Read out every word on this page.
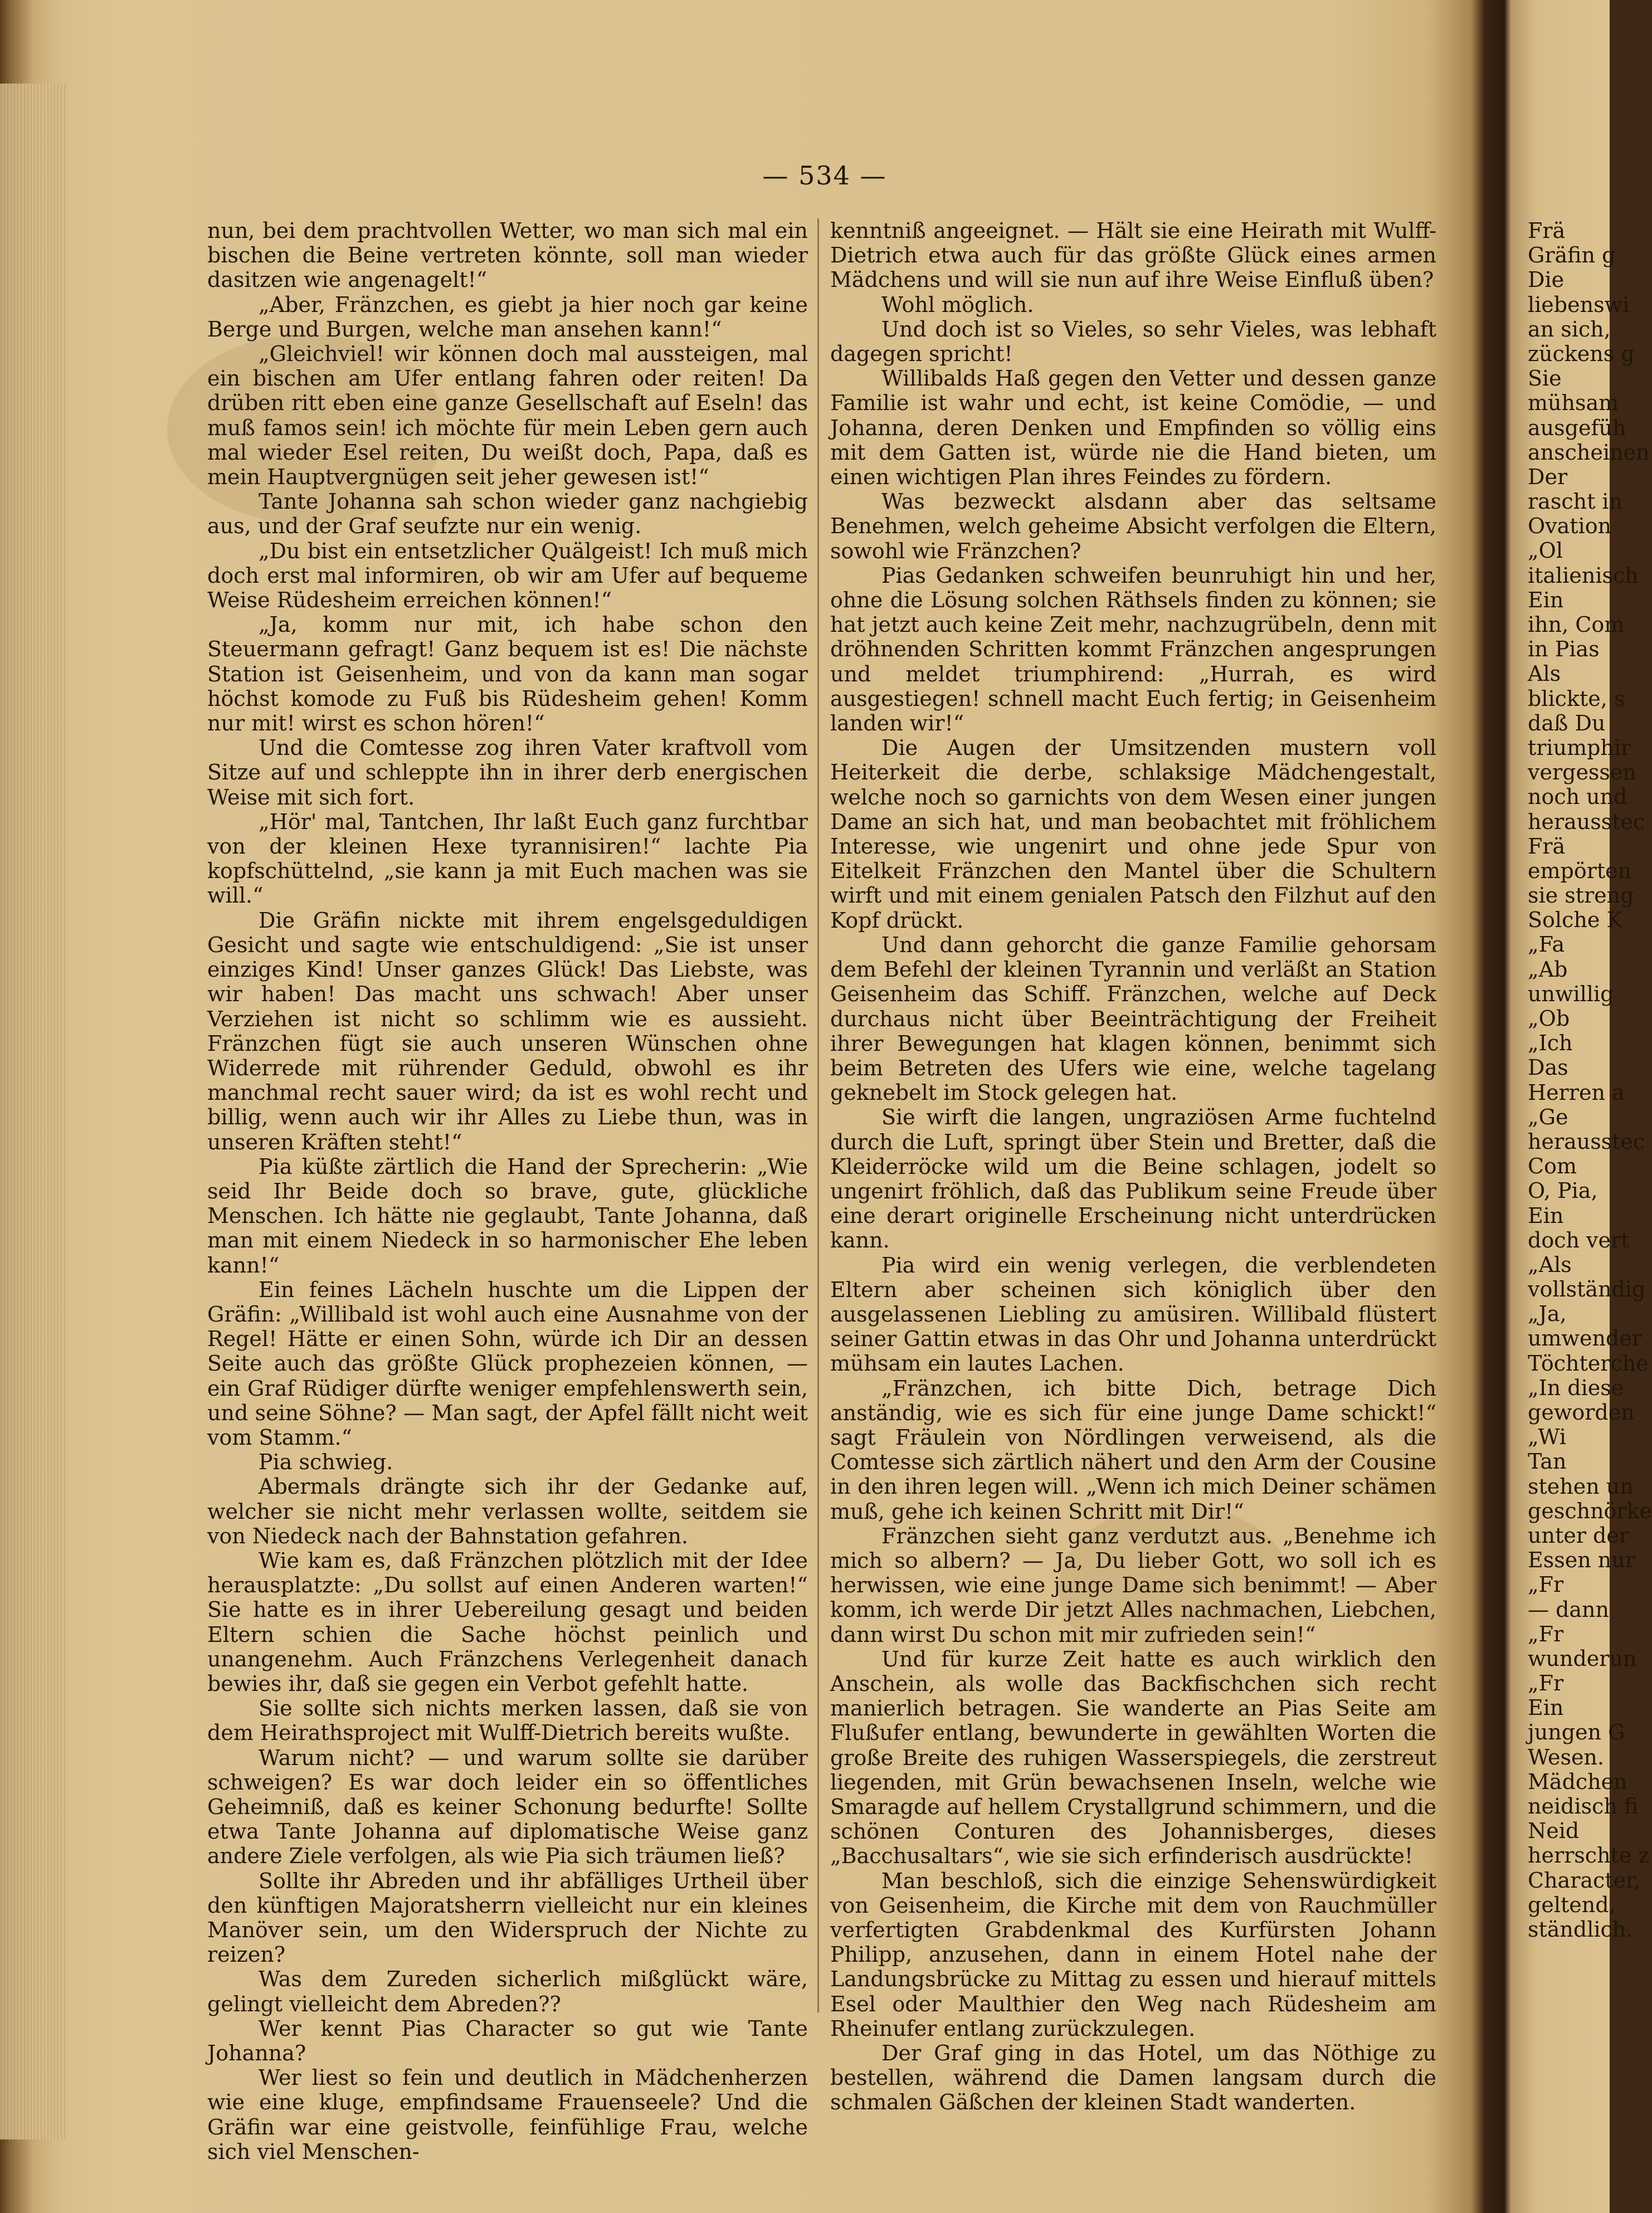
— 534 —

nun, bei dem prachtvollen Wetter, wo man sich mal ein bischen die Beine vertreten könnte, soll man wieder dasitzen wie angenagelt!“

„Aber, Fränzchen, es giebt ja hier noch gar keine Berge und Burgen, welche man ansehen kann!“

„Gleichviel! wir können doch mal aussteigen, mal ein bischen am Ufer entlang fahren oder reiten! Da drüben ritt eben eine ganze Gesellschaft auf Eseln! das muß famos sein! ich möchte für mein Leben gern auch mal wieder Esel reiten, Du weißt doch, Papa, daß es mein Hauptvergnügen seit jeher gewesen ist!“

Tante Johanna sah schon wieder ganz nachgiebig aus, und der Graf seufzte nur ein wenig.

„Du bist ein entsetzlicher Quälgeist! Ich muß mich doch erst mal informiren, ob wir am Ufer auf bequeme Weise Rüdesheim erreichen können!“

„Ja, komm nur mit, ich habe schon den Steuermann gefragt! Ganz bequem ist es! Die nächste Station ist Geisenheim, und von da kann man sogar höchst komode zu Fuß bis Rüdesheim gehen! Komm nur mit! wirst es schon hören!“

Und die Comtesse zog ihren Vater kraftvoll vom Sitze auf und schleppte ihn in ihrer derb energischen Weise mit sich fort.

„Hör' mal, Tantchen, Ihr laßt Euch ganz furchtbar von der kleinen Hexe tyrannisiren!“ lachte Pia kopfschüttelnd, „sie kann ja mit Euch machen was sie will.“

Die Gräfin nickte mit ihrem engelsgeduldigen Gesicht und sagte wie entschuldigend: „Sie ist unser einziges Kind! Unser ganzes Glück! Das Liebste, was wir haben! Das macht uns schwach! Aber unser Verziehen ist nicht so schlimm wie es aussieht. Fränzchen fügt sie auch unseren Wünschen ohne Widerrede mit rührender Geduld, obwohl es ihr manchmal recht sauer wird; da ist es wohl recht und billig, wenn auch wir ihr Alles zu Liebe thun, was in unseren Kräften steht!“

Pia küßte zärtlich die Hand der Sprecherin: „Wie seid Ihr Beide doch so brave, gute, glückliche Menschen. Ich hätte nie geglaubt, Tante Johanna, daß man mit einem Niedeck in so harmonischer Ehe leben kann!“

Ein feines Lächeln huschte um die Lippen der Gräfin: „Willibald ist wohl auch eine Ausnahme von der Regel! Hätte er einen Sohn, würde ich Dir an dessen Seite auch das größte Glück prophezeien können, — ein Graf Rüdiger dürfte weniger empfehlenswerth sein, und seine Söhne? — Man sagt, der Apfel fällt nicht weit vom Stamm.“

Pia schwieg.

Abermals drängte sich ihr der Gedanke auf, welcher sie nicht mehr verlassen wollte, seitdem sie von Niedeck nach der Bahnstation gefahren.

Wie kam es, daß Fränzchen plötzlich mit der Idee herausplatzte: „Du sollst auf einen Anderen warten!“ Sie hatte es in ihrer Uebereilung gesagt und beiden Eltern schien die Sache höchst peinlich und unangenehm. Auch Fränzchens Verlegenheit danach bewies ihr, daß sie gegen ein Verbot gefehlt hatte.

Sie sollte sich nichts merken lassen, daß sie von dem Heirathsproject mit Wulff-Dietrich bereits wußte.

Warum nicht? — und warum sollte sie darüber schweigen? Es war doch leider ein so öffentliches Geheimniß, daß es keiner Schonung bedurfte! Sollte etwa Tante Johanna auf diplomatische Weise ganz andere Ziele verfolgen, als wie Pia sich träumen ließ?

Sollte ihr Abreden und ihr abfälliges Urtheil über den künftigen Majoratsherrn vielleicht nur ein kleines Manöver sein, um den Widerspruch der Nichte zu reizen?

Was dem Zureden sicherlich mißglückt wäre, gelingt vielleicht dem Abreden??

Wer kennt Pias Character so gut wie Tante Johanna?

Wer liest so fein und deutlich in Mädchenherzen wie eine kluge, empfindsame Frauenseele? Und die Gräfin war eine geistvolle, feinfühlige Frau, welche sich viel Menschen-

kenntniß angeeignet. — Hält sie eine Heirath mit Wulff-Dietrich etwa auch für das größte Glück eines armen Mädchens und will sie nun auf ihre Weise Einfluß üben?

Wohl möglich.

Und doch ist so Vieles, so sehr Vieles, was lebhaft dagegen spricht!

Willibalds Haß gegen den Vetter und dessen ganze Familie ist wahr und echt, ist keine Comödie, — und Johanna, deren Denken und Empfinden so völlig eins mit dem Gatten ist, würde nie die Hand bieten, um einen wichtigen Plan ihres Feindes zu fördern.

Was bezweckt alsdann aber das seltsame Benehmen, welch geheime Absicht verfolgen die Eltern, sowohl wie Fränzchen?

Pias Gedanken schweifen beunruhigt hin und her, ohne die Lösung solchen Räthsels finden zu können; sie hat jetzt auch keine Zeit mehr, nachzugrübeln, denn mit dröhnenden Schritten kommt Fränzchen angesprungen und meldet triumphirend: „Hurrah, es wird ausgestiegen! schnell macht Euch fertig; in Geisenheim landen wir!“

Die Augen der Umsitzenden mustern voll Heiterkeit die derbe, schlaksige Mädchengestalt, welche noch so garnichts von dem Wesen einer jungen Dame an sich hat, und man beobachtet mit fröhlichem Interesse, wie ungenirt und ohne jede Spur von Eitelkeit Fränzchen den Mantel über die Schultern wirft und mit einem genialen Patsch den Filzhut auf den Kopf drückt.

Und dann gehorcht die ganze Familie gehorsam dem Befehl der kleinen Tyrannin und verläßt an Station Geisenheim das Schiff. Fränzchen, welche auf Deck durchaus nicht über Beeinträchtigung der Freiheit ihrer Bewegungen hat klagen können, benimmt sich beim Betreten des Ufers wie eine, welche tagelang geknebelt im Stock gelegen hat.

Sie wirft die langen, ungraziösen Arme fuchtelnd durch die Luft, springt über Stein und Bretter, daß die Kleiderröcke wild um die Beine schlagen, jodelt so ungenirt fröhlich, daß das Publikum seine Freude über eine derart originelle Erscheinung nicht unterdrücken kann.

Pia wird ein wenig verlegen, die verblendeten Eltern aber scheinen sich königlich über den ausgelassenen Liebling zu amüsiren. Willibald flüstert seiner Gattin etwas in das Ohr und Johanna unterdrückt mühsam ein lautes Lachen.

„Fränzchen, ich bitte Dich, betrage Dich anständig, wie es sich für eine junge Dame schickt!“ sagt Fräulein von Nördlingen verweisend, als die Comtesse sich zärtlich nähert und den Arm der Cousine in den ihren legen will. „Wenn ich mich Deiner schämen muß, gehe ich keinen Schritt mit Dir!“

Fränzchen sieht ganz verdutzt aus. „Benehme ich mich so albern? — Ja, Du lieber Gott, wo soll ich es herwissen, wie eine junge Dame sich benimmt! — Aber komm, ich werde Dir jetzt Alles nachmachen, Liebchen, dann wirst Du schon mit mir zufrieden sein!“

Und für kurze Zeit hatte es auch wirklich den Anschein, als wolle das Backfischchen sich recht manierlich betragen. Sie wanderte an Pias Seite am Flußufer entlang, bewunderte in gewählten Worten die große Breite des ruhigen Wasserspiegels, die zerstreut liegenden, mit Grün bewachsenen Inseln, welche wie Smaragde auf hellem Crystallgrund schimmern, und die schönen Conturen des Johannisberges, dieses „Bacchusaltars“, wie sie sich erfinderisch ausdrückte!

Man beschloß, sich die einzige Sehenswürdigkeit von Geisenheim, die Kirche mit dem von Rauchmüller verfertigten Grabdenkmal des Kurfürsten Johann Philipp, anzusehen, dann in einem Hotel nahe der Landungsbrücke zu Mittag zu essen und hierauf mittels Esel oder Maulthier den Weg nach Rüdesheim am Rheinufer entlang zurückzulegen.

Der Graf ging in das Hotel, um das Nöthige zu bestellen, während die Damen langsam durch die schmalen Gäßchen der kleinen Stadt wanderten.

Frä
Gräfin g
Die
liebenswi
an sich,
zückens g
Sie
mühsam
ausgefüh
anscheinen
Der
rascht in
Ovation
„Ol
italienisch
Ein
ihn, Com
in Pias
Als
blickte, s
daß Du
triumphir
vergessen
noch und
herausstec
Frä
empörten
sie streng
Solche K
„Fa
„Ab
unwillig
„Ob
„Ich
Das
Herren a
„Ge
herausstec
Com
O, Pia,
Ein
doch vert
„Als
vollständig
„Ja,
umwender
Töchterche
„In diese
geworden
„Wi
Tan
stehen un
geschnörke
unter der
Essen nur
„Fr
— dann
„Fr
wunderun
„Fr
Ein
jungen G
Wesen.
Mädchen
neidisch fi
Neid
herrschte z
Character,
geltend,
ständlich.
